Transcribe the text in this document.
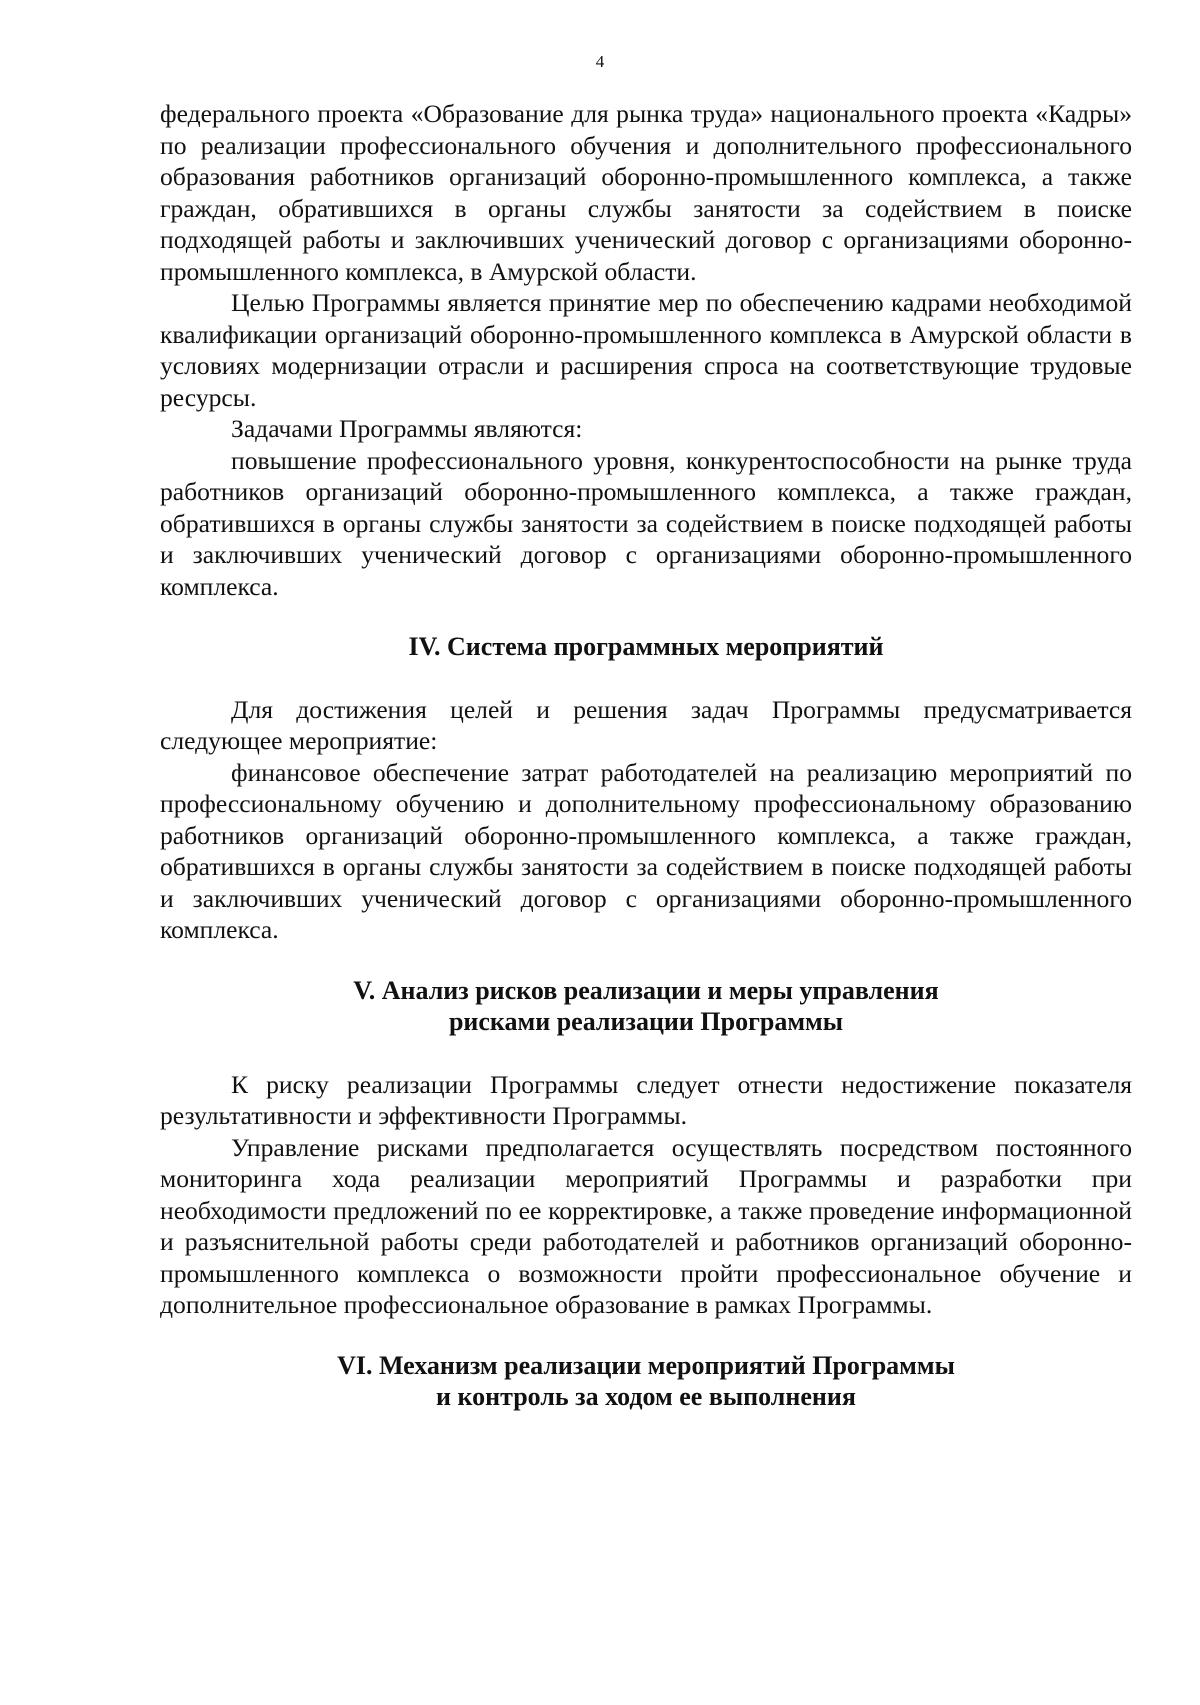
4

федерального проекта «Образование для рынка труда» национального проекта «Кадры» по реализации профессионального обучения и дополнительного профессионального образования работников организаций оборонно-промышленного комплекса, а также граждан, обратившихся в органы службы занятости за содействием в поиске подходящей работы и заключивших ученический договор с организациями оборонно-промышленного комплекса, в Амурской области.

Целью Программы является принятие мер по обеспечению кадрами необходимой квалификации организаций оборонно-промышленного комплекса в Амурской области в условиях модернизации отрасли и расширения спроса на соответствующие трудовые ресурсы.

Задачами Программы являются:

повышение профессионального уровня, конкурентоспособности на рынке труда работников организаций оборонно-промышленного комплекса, а также граждан, обратившихся в органы службы занятости за содействием в поиске подходящей работы и заключивших ученический договор с организациями оборонно-промышленного комплекса.

IV. Система программных мероприятий

Для достижения целей и решения задач Программы предусматривается следующее мероприятие:

финансовое обеспечение затрат работодателей на реализацию мероприятий по профессиональному обучению и дополнительному профессиональному образованию работников организаций оборонно-промышленного комплекса, а также граждан, обратившихся в органы службы занятости за содействием в поиске подходящей работы и заключивших ученический договор с организациями оборонно-промышленного комплекса.

V. Анализ рисков реализации и меры управления
рисками реализации Программы

К риску реализации Программы следует отнести недостижение показателя результативности и эффективности Программы.

Управление рисками предполагается осуществлять посредством постоянного мониторинга хода реализации мероприятий Программы и разработки при необходимости предложений по ее корректировке, а также проведение информационной и разъяснительной работы среди работодателей и работников организаций оборонно-промышленного комплекса о возможности пройти профессиональное обучение и дополнительное профессиональное образование в рамках Программы.

VI. Механизм реализации мероприятий Программы
и контроль за ходом ее выполнения
